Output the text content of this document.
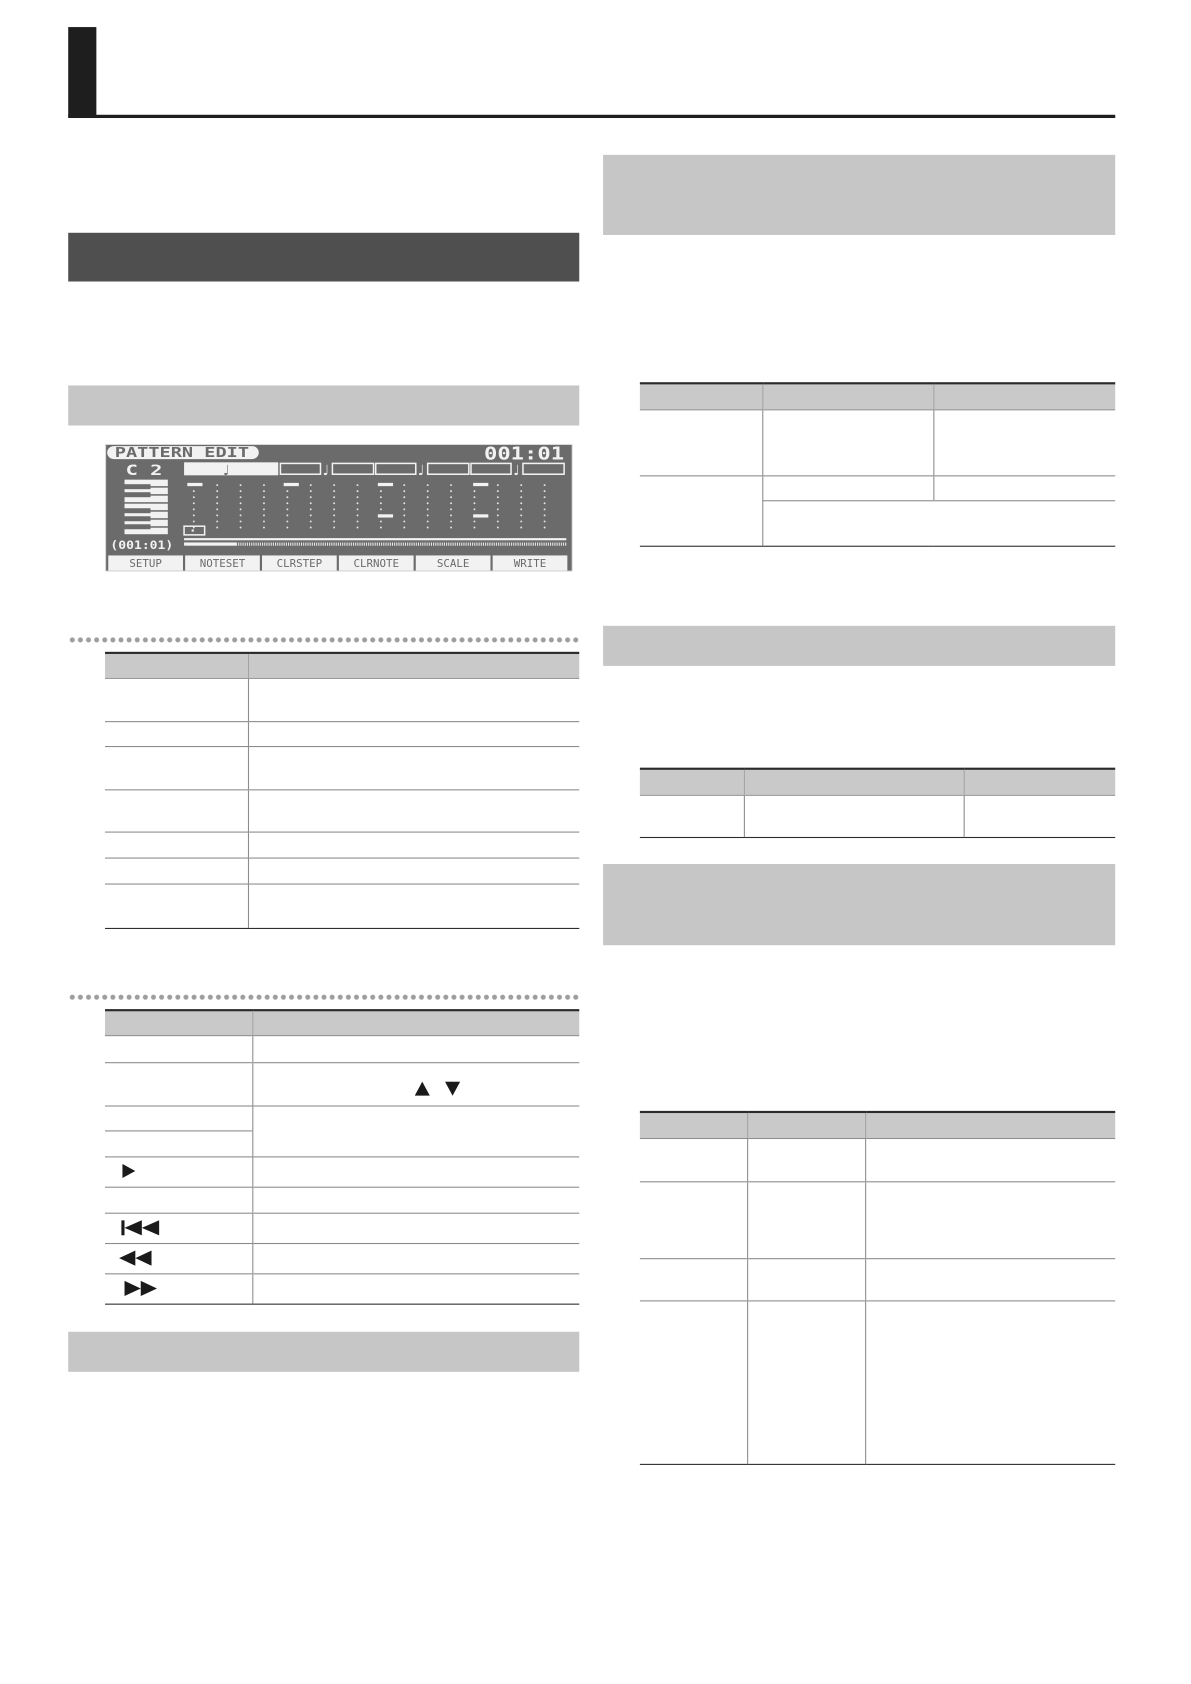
PATTERN EDIT	001:01
C 2	♩	♩	♩	♩
(001:01)
SETUP	NOTESET	CLRSTEP	CLRNOTE	SCALE	WRITE
